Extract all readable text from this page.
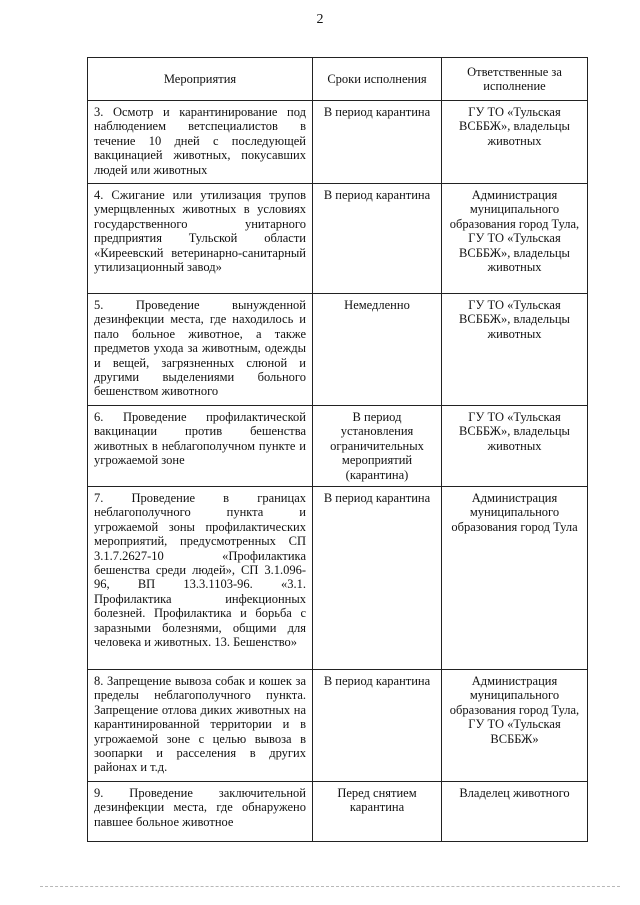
2
Мероприятия	Сроки исполнения	Ответственные за исполнение
3. Осмотр и карантинирование под наблюдением ветспециалистов в течение 10 дней с последующей вакцинацией животных, покусавших людей или животных	В период карантина	ГУ ТО «Тульская ВСББЖ», владельцы животных
4. Сжигание или утилизация трупов умерщвленных животных в условиях государственного унитарного предприятия Тульской области «Киреевский ветеринарно-санитарный утилизационный завод»	В период карантина	Администрация муниципального образования город Тула, ГУ ТО «Тульская ВСББЖ», владельцы животных
5. Проведение вынужденной дезинфекции места, где находилось и пало больное животное, а также предметов ухода за животным, одежды и вещей, загрязненных слюной и другими выделениями больного бешенством животного	Немедленно	ГУ ТО «Тульская ВСББЖ», владельцы животных
6. Проведение профилактической вакцинации против бешенства животных в неблагополучном пункте и угрожаемой зоне	В период установления ограничительных мероприятий (карантина)	ГУ ТО «Тульская ВСББЖ», владельцы животных
7. Проведение в границах неблагополучного пункта и угрожаемой зоны профилактических мероприятий, предусмотренных СП 3.1.7.2627-10 «Профилактика бешенства среди людей», СП 3.1.096-96, ВП 13.3.1103-96. «3.1. Профилактика инфекционных болезней. Профилактика и борьба с заразными болезнями, общими для человека и животных. 13. Бешенство»	В период карантина	Администрация муниципального образования город Тула
8. Запрещение вывоза собак и кошек за пределы неблагополучного пункта. Запрещение отлова диких животных на карантинированной территории и в угрожаемой зоне с целью вывоза в зоопарки и расселения в других районах и т.д.	В период карантина	Администрация муниципального образования город Тула, ГУ ТО «Тульская ВСББЖ»
9. Проведение заключительной дезинфекции места, где обнаружено павшее больное животное	Перед снятием карантина	Владелец животного
